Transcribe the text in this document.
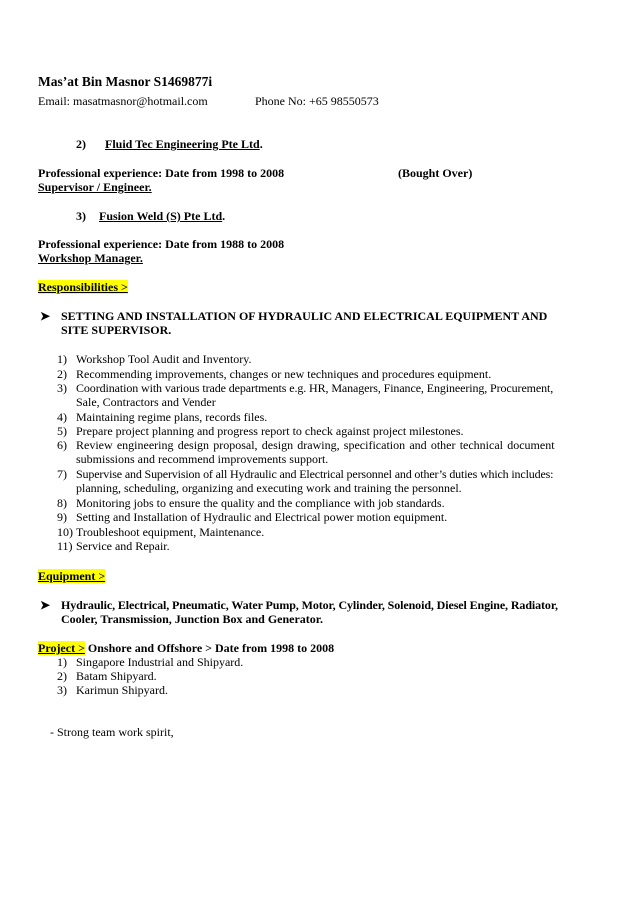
Mas’at Bin Masnor S1469877i
Email: masatmasnor@hotmail.com	Phone No: +65 98550573
2) Fluid Tec Engineering Pte Ltd.
Professional experience: Date from 1998 to 2008	(Bought Over)
Supervisor / Engineer.
3) Fusion Weld (S) Pte Ltd.
Professional experience: Date from 1988 to 2008
Workshop Manager.
Responsibilities >
➤ SETTING AND INSTALLATION OF HYDRAULIC AND ELECTRICAL EQUIPMENT AND
SITE SUPERVISOR.
1) Workshop Tool Audit and Inventory.
2) Recommending improvements, changes or new techniques and procedures equipment.
3) Coordination with various trade departments e.g. HR, Managers, Finance, Engineering, Procurement,
Sale, Contractors and Vender
4) Maintaining regime plans, records files.
5) Prepare project planning and progress report to check against project milestones.
6) Review engineering design proposal, design drawing, specification and other technical document
submissions and recommend improvements support.
7) Supervise and Supervision of all Hydraulic and Electrical personnel and other’s duties which includes:
planning, scheduling, organizing and executing work and training the personnel.
8) Monitoring jobs to ensure the quality and the compliance with job standards.
9) Setting and Installation of Hydraulic and Electrical power motion equipment.
10) Troubleshoot equipment, Maintenance.
11) Service and Repair.
Equipment >
➤ Hydraulic, Electrical, Pneumatic, Water Pump, Motor, Cylinder, Solenoid, Diesel Engine, Radiator,
Cooler, Transmission, Junction Box and Generator.
Project > Onshore and Offshore > Date from 1998 to 2008
1) Singapore Industrial and Shipyard.
2) Batam Shipyard.
3) Karimun Shipyard.
- Strong team work spirit,
